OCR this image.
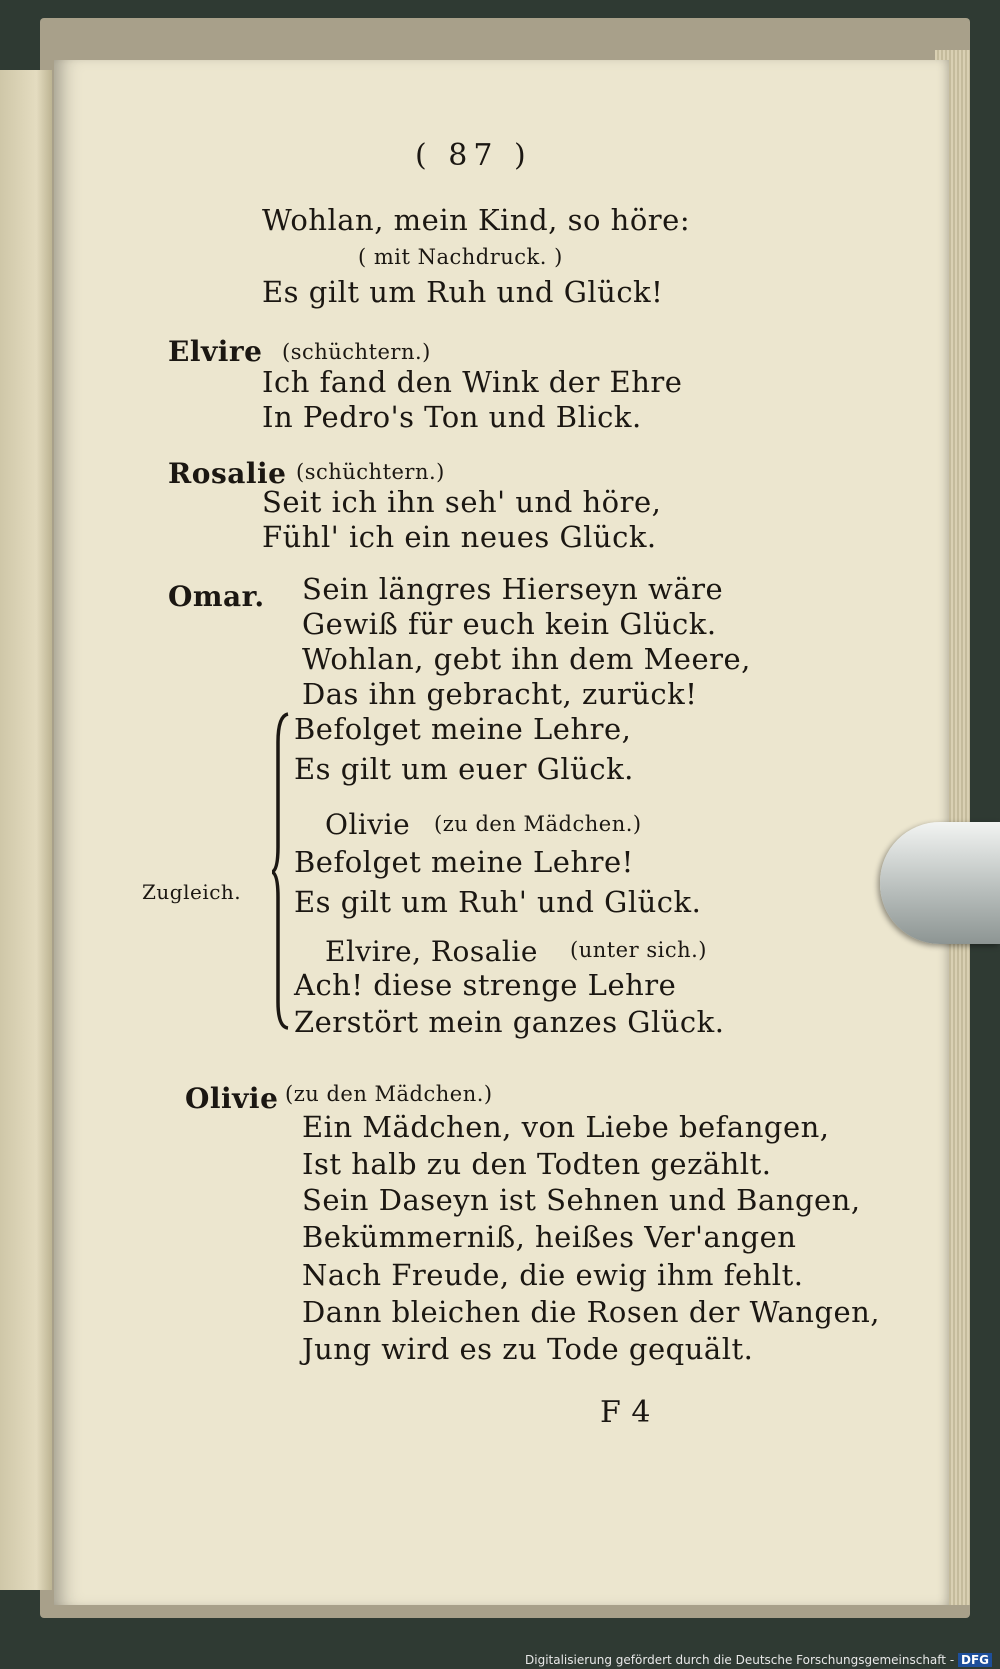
( 87 )
Wohlan, mein Kind, so höre:
( mit Nachdruck. )
Es gilt um Ruh und Glück!
Elvire (schüchtern.)
Ich fand den Wink der Ehre
In Pedro's Ton und Blick.
Rosalie (schüchtern.)
Seit ich ihn seh' und höre,
Fühl' ich ein neues Glück.
Omar. Sein längres Hierseyn wäre
Gewiß für euch kein Glück.
Wohlan, gebt ihn dem Meere,
Das ihn gebracht, zurück!
Befolget meine Lehre,
Es gilt um euer Glück.
Olivie (zu den Mädchen.)
Zugleich.
Befolget meine Lehre!
Es gilt um Ruh' und Glück.
Elvire, Rosalie (unter sich.)
Ach! diese strenge Lehre
Zerstört mein ganzes Glück.
Olivie (zu den Mädchen.)
Ein Mädchen, von Liebe befangen,
Ist halb zu den Todten gezählt.
Sein Daseyn ist Sehnen und Bangen,
Bekümmerniß, heißes Ver'angen
Nach Freude, die ewig ihm fehlt.
Dann bleichen die Rosen der Wangen,
Jung wird es zu Tode gequält.
F 4
Digitalisierung gefördert durch die Deutsche Forschungsgemeinschaft - DFG
